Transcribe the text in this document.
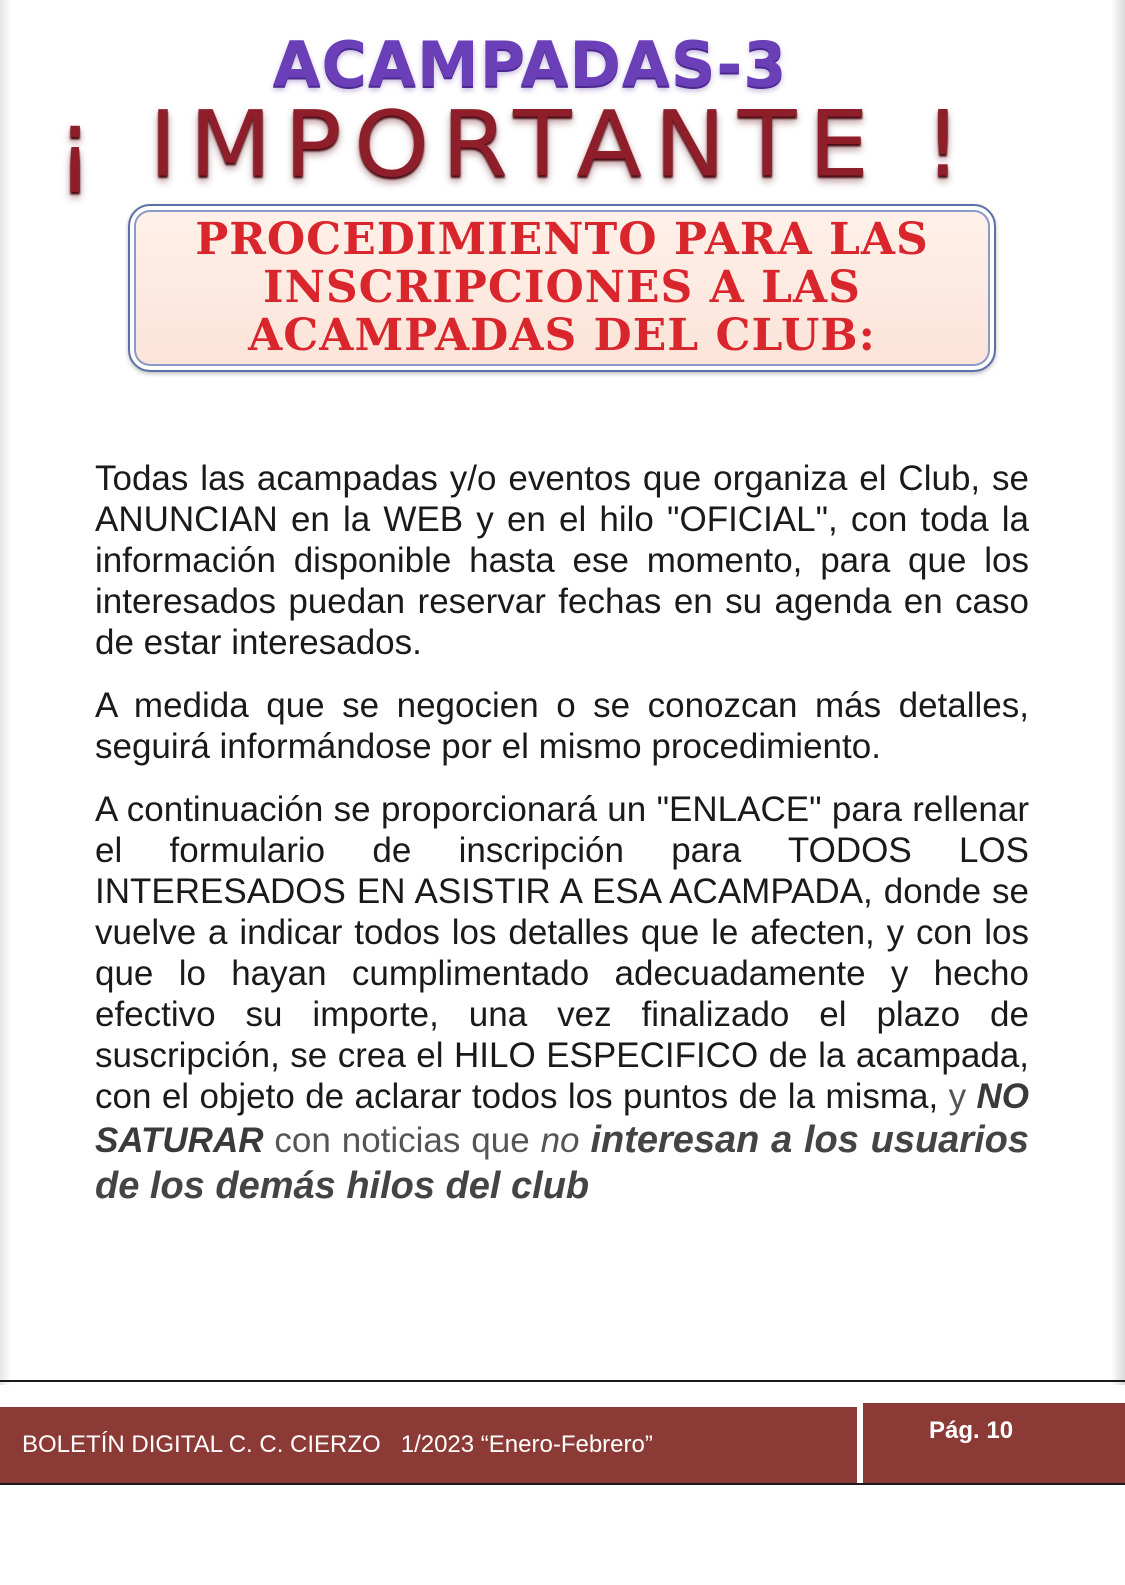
ACAMPADAS-3
¡ IMPORTANTE !
PROCEDIMIENTO PARA LAS
INSCRIPCIONES A LAS
ACAMPADAS DEL CLUB:

Todas las acampadas y/o eventos que organiza el Club, se ANUNCIAN en la WEB y en el hilo "OFICIAL", con toda la información disponible hasta ese momento, para que los interesados puedan reservar fechas en su agenda en caso de estar interesados.

A medida que se negocien o se conozcan más detalles, seguirá informándose por el mismo procedimiento.

A continuación se proporcionará un "ENLACE" para rellenar el formulario de inscripción para TODOS LOS INTERESADOS EN ASISTIR A ESA ACAMPADA, donde se vuelve a indicar todos los detalles que le afecten, y con los que lo hayan cumplimentado adecuadamente y hecho efectivo su importe, una vez finalizado el plazo de suscripción, se crea el HILO ESPECIFICO de la acampada, con el objeto de aclarar todos los puntos de la misma, y NO SATURAR con noticias que no interesan a los usuarios de los demás hilos del club

BOLETÍN DIGITAL C. C. CIERZO   1/2023 “Enero-Febrero”
Pág. 10
